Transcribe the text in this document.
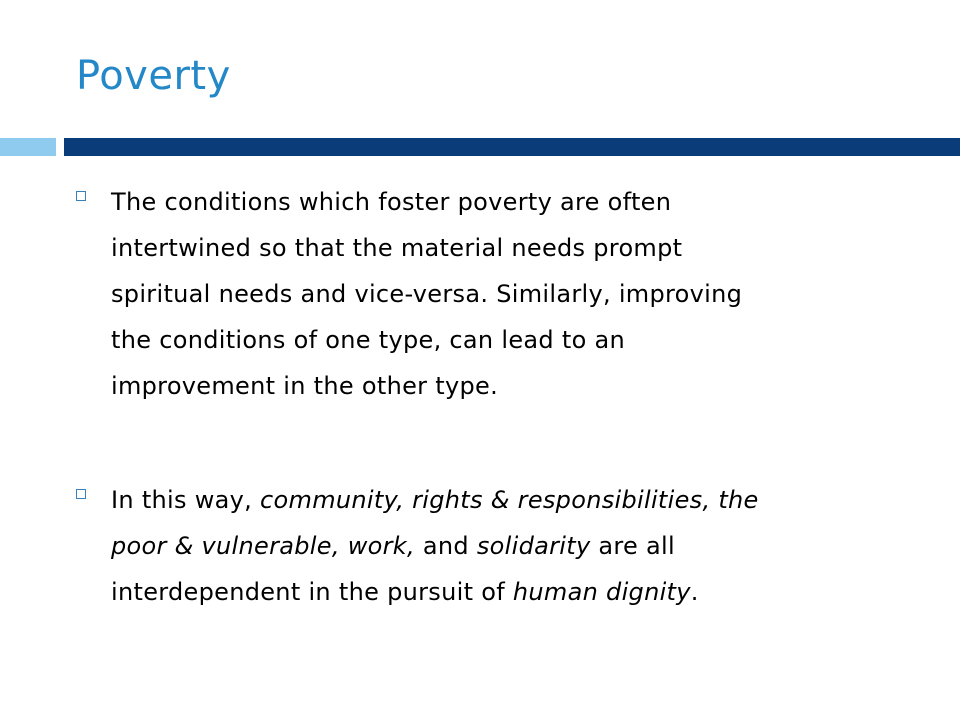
Poverty
The conditions which foster poverty are often
intertwined so that the material needs prompt
spiritual needs and vice-versa. Similarly, improving
the conditions of one type, can lead to an
improvement in the other type.
In this way, community, rights & responsibilities, the
poor & vulnerable, work, and solidarity are all
interdependent in the pursuit of human dignity.
